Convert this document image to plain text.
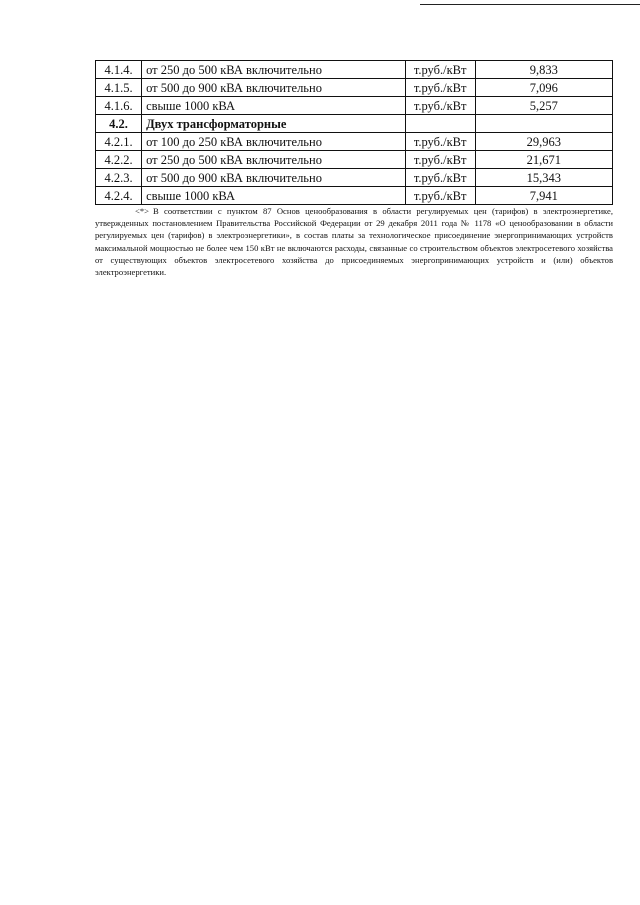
4.1.4.	от 250 до 500 кВА включительно	т.руб./кВт	9,833
4.1.5.	от 500 до 900 кВА включительно	т.руб./кВт	7,096
4.1.6.	свыше 1000 кВА	т.руб./кВт	5,257
4.2.	Двух трансформаторные		
4.2.1.	от 100 до 250 кВА включительно	т.руб./кВт	29,963
4.2.2.	от 250 до 500 кВА включительно	т.руб./кВт	21,671
4.2.3.	от 500 до 900 кВА включительно	т.руб./кВт	15,343
4.2.4.	свыше 1000 кВА	т.руб./кВт	7,941

<*> В соответствии с пунктом 87 Основ ценообразования в области регулируемых цен (тарифов) в электроэнергетике, утвержденных постановлением Правительства Российской Федерации от 29 декабря 2011 года № 1178 «О ценообразовании в области регулируемых цен (тарифов) в электроэнергетики», в состав платы за технологическое присоединение энергопринимающих устройств максимальной мощностью не более чем 150 кВт не включаются расходы, связанные со строительством объектов электросетевого хозяйства от существующих объектов электросетевого хозяйства до присоединяемых энергопринимающих устройств и (или) объектов электроэнергетики.
